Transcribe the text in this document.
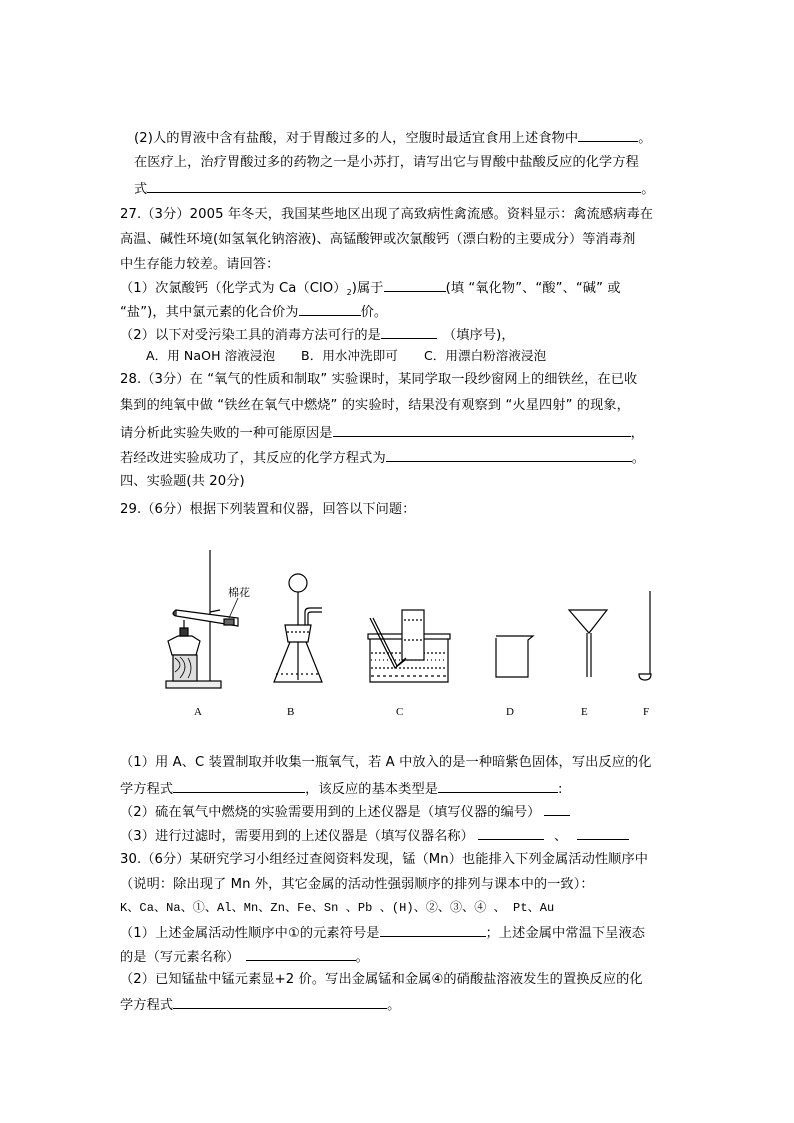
(2)人的胃液中含有盐酸，对于胃酸过多的人，空腹时最适宜食用上述食物中	。
在医疗上，治疗胃酸过多的药物之一是小苏打，请写出它与胃酸中盐酸反应的化学方程
式	。
27.（3分）2005 年冬天，我国某些地区出现了高致病性禽流感。资料显示：禽流感病毒在
高温、碱性环境(如氢氧化钠溶液)、高锰酸钾或次氯酸钙（漂白粉的主要成分）等消毒剂
中生存能力较差。请回答：
（1）次氯酸钙（化学式为 $Ca(ClO)_2$)属于	(填 “氧化物”、“酸”、“碱” 或
“盐”)，其中氯元素的化合价为	价。
（2）以下对受污染工具的消毒方法可行的是	（填序号)，
A．用 NaOH 溶液浸泡 B．用水冲洗即可 C．用漂白粉溶液浸泡
28.（3分）在 “氧气的性质和制取” 实验课时，某同学取一段纱窗网上的细铁丝，在已收
集到的纯氧中做 “铁丝在氧气中燃烧” 的实验时，结果没有观察到 “火星四射” 的现象，
请分析此实验失败的一种可能原因是	，
若经改进实验成功了，其反应的化学方程式为	。
四、实验题(共 20分)
29.（6分）根据下列装置和仪器，回答以下问题：
棉花
A	B	C	D	E	F
（1）用 A、C 装置制取并收集一瓶氧气，若 A 中放入的是一种暗紫色固体，写出反应的化
学方程式	，该反应的基本类型是	:
（2）硫在氧气中燃烧的实验需要用到的上述仪器是（填写仪器的编号）
（3）进行过滤时，需要用到的上述仪器是（填写仪器名称）	、
30.（6分）某研究学习小组经过查阅资料发现，锰（Mn）也能排入下列金属活动性顺序中
（说明：除出现了 Mn 外，其它金属的活动性强弱顺序的排列与课本中的一致）：
K、Ca、Na、①、Al、Mn、Zn、Fe、Sn 、Pb 、(H)、②、③、④ 、 Pt、Au
（1）上述金属活动性顺序中①的元素符号是	；上述金属中常温下呈液态
的是（写元素名称）	。
（2）已知锰盐中锰元素显+2 价。写出金属锰和金属④的硝酸盐溶液发生的置换反应的化
学方程式	。
